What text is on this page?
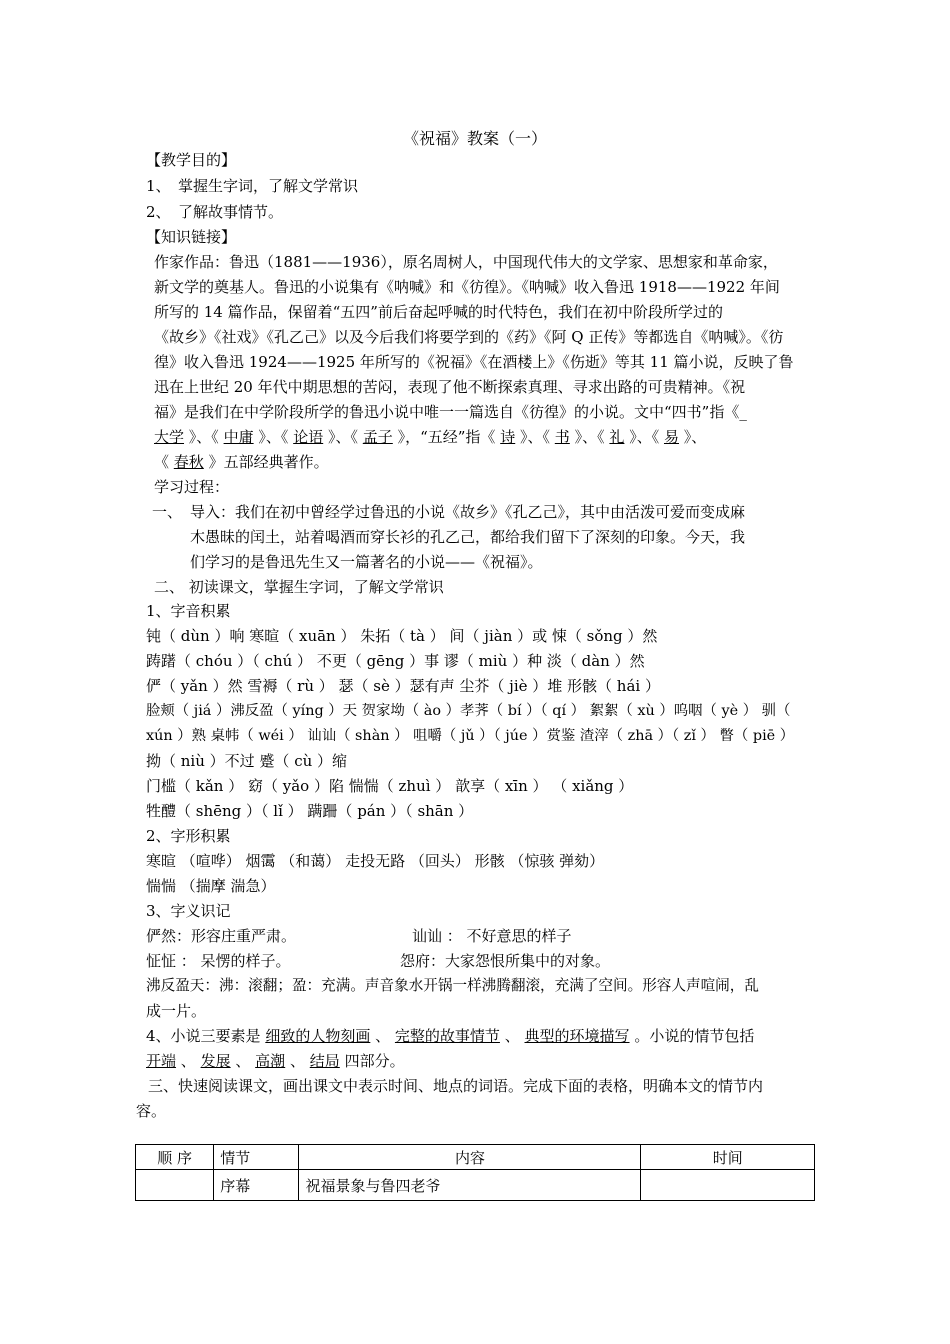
《祝福》教案（一）
【教学目的】
1、 掌握生字词，了解文学常识
2、 了解故事情节。
【知识链接】
作家作品：鲁迅（1881——1936），原名周树人，中国现代伟大的文学家、思想家和革命家，
新文学的奠基人。鲁迅的小说集有《呐喊》和《彷徨》。《呐喊》收入鲁迅 1918——1922 年间
所写的 14 篇作品，保留着“五四”前后奋起呼喊的时代特色，我们在初中阶段所学过的
《故乡》《社戏》《孔乙己》以及今后我们将要学到的《药》《阿 Q 正传》等都选自《呐喊》。《彷
徨》收入鲁迅 1924——1925 年所写的《祝福》《在酒楼上》《伤逝》等其 11 篇小说，反映了鲁
迅在上世纪 20 年代中期思想的苦闷，表现了他不断探索真理、寻求出路的可贵精神。《祝
福》是我们在中学阶段所学的鲁迅小说中唯一一篇选自《彷徨》的小说。文中“四书”指《_
大学 》、《 中庸 》、《 论语 》、《 孟子 》，“五经”指《 诗 》、《 书 》、《 礼 》、《 易 》、
《 春秋 》五部经典著作。
学习过程：
一、 导入：我们在初中曾经学过鲁迅的小说《故乡》《孔乙己》，其中由活泼可爱而变成麻
木愚昧的闰土，站着喝酒而穿长衫的孔乙己，都给我们留下了深刻的印象。今天，我
们学习的是鲁迅先生又一篇著名的小说——《祝福》。
二、 初读课文，掌握生字词，了解文学常识
1、字音积累
钝（ dùn ）响 寒暄（ xuān ） 朱拓（ tà ） 间（ jiàn ）或 悚（ sǒng ）然
踌躇（ chóu ）（ chú ） 不更（ gēng ）事 谬（ miù ）种 淡（ dàn ）然
俨（ yǎn ）然 雪褥（ rù ） 瑟（ sè ）瑟有声 尘芥（ jiè ）堆 形骸（ hái ）
脸颊（ jiá ）沸反盈（ yíng ）天 贺家坳（ ào ）孝荠（ bí ）（ qí ） 絮絮（ xù ）呜咽（ yè ） 驯（
xún ）熟 桌帏（ wéi ） 讪讪（ shàn ） 咀嚼（ jǔ ）（ júe ）赏鉴 渣滓（ zhā ）（ zǐ ） 瞥（ piē ）
拗（ niù ）不过 蹙（ cù ）缩
门槛（ kǎn ） 窈（ yǎo ）陷 惴惴（ zhuì ） 歆享（ xīn ） （ xiǎng ）
牲醴（ shēng ）（ lǐ ） 蹒跚（ pán ）（ shān ）
2、字形积累
寒暄 （喧哗） 烟霭 （和蔼） 走投无路 （回头） 形骸 （惊骇 弹劾）
惴惴 （揣摩 湍急）
3、字义识记
俨然：形容庄重严肃。	讪讪 ： 不好意思的样子
怔怔 ： 呆愣的样子。	怨府：大家怨恨所集中的对象。
沸反盈天：沸：滚翻；盈：充满。声音象水开锅一样沸腾翻滚，充满了空间。形容人声喧闹，乱
成一片。
4、小说三要素是 细致的人物刻画 、 完整的故事情节 、 典型的环境描写 。小说的情节包括
开端 、 发展 、 高潮 、 结局 四部分。
三、快速阅读课文，画出课文中表示时间、地点的词语。完成下面的表格，明确本文的情节内
容。
顺 序	情节	内容	时间
	序幕	祝福景象与鲁四老爷	
